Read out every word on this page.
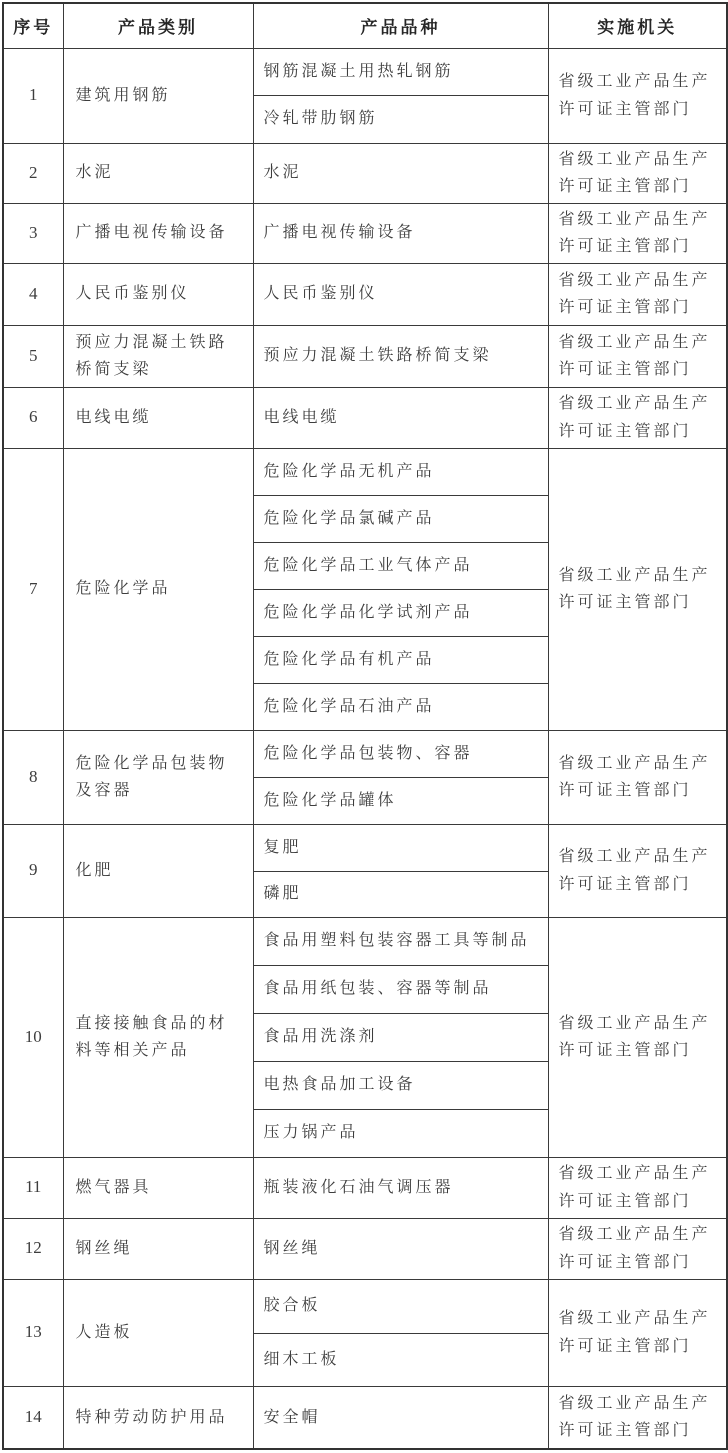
序号	产品类别	产品品种	实施机关
1	建筑用钢筋	钢筋混凝土用热轧钢筋	省级工业产品生产许可证主管部门
		冷轧带肋钢筋	
2	水泥	水泥	省级工业产品生产许可证主管部门
3	广播电视传输设备	广播电视传输设备	省级工业产品生产许可证主管部门
4	人民币鉴别仪	人民币鉴别仪	省级工业产品生产许可证主管部门
5	预应力混凝土铁路桥简支梁	预应力混凝土铁路桥简支梁	省级工业产品生产许可证主管部门
6	电线电缆	电线电缆	省级工业产品生产许可证主管部门
7	危险化学品	危险化学品无机产品	省级工业产品生产许可证主管部门
		危险化学品氯碱产品	
		危险化学品工业气体产品	
		危险化学品化学试剂产品	
		危险化学品有机产品	
		危险化学品石油产品	
8	危险化学品包装物及容器	危险化学品包装物、容器	省级工业产品生产许可证主管部门
		危险化学品罐体	
9	化肥	复肥	省级工业产品生产许可证主管部门
		磷肥	
10	直接接触食品的材料等相关产品	食品用塑料包装容器工具等制品	省级工业产品生产许可证主管部门
		食品用纸包装、容器等制品	
		食品用洗涤剂	
		电热食品加工设备	
		压力锅产品	
11	燃气器具	瓶装液化石油气调压器	省级工业产品生产许可证主管部门
12	钢丝绳	钢丝绳	省级工业产品生产许可证主管部门
13	人造板	胶合板	省级工业产品生产许可证主管部门
		细木工板	
14	特种劳动防护用品	安全帽	省级工业产品生产许可证主管部门
